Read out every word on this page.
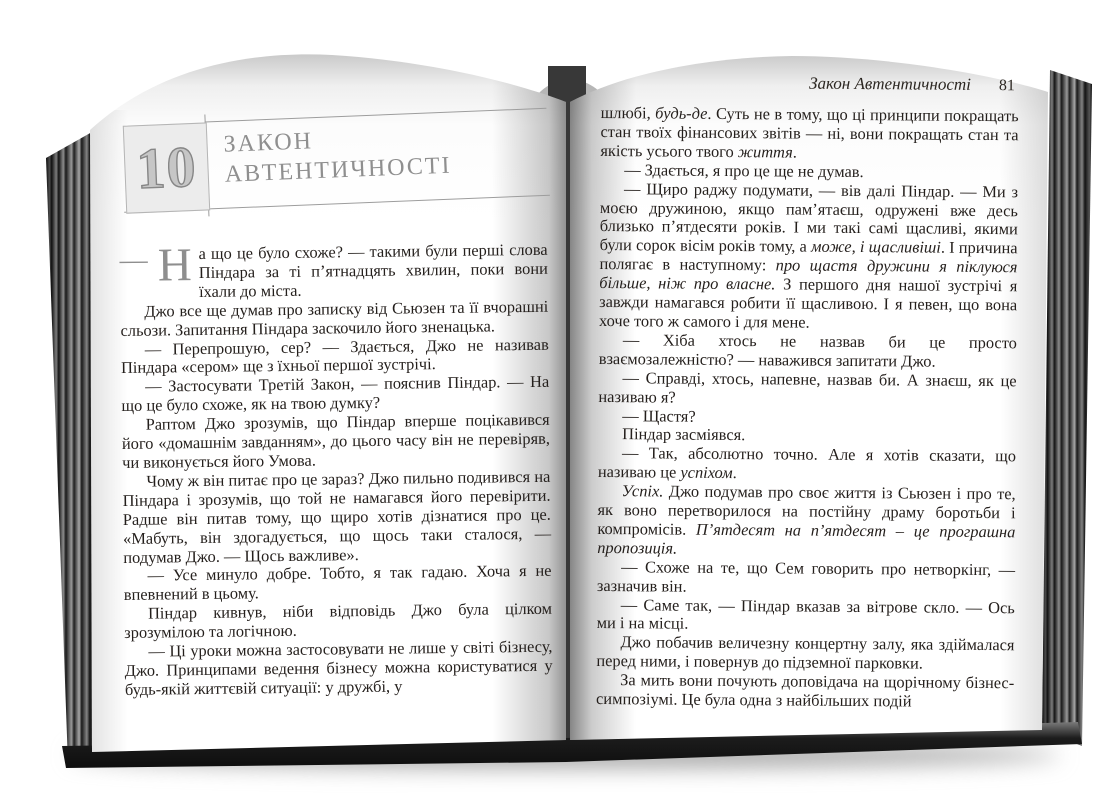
10 ЗАКОН
АВТЕНТИЧНОСТІ

— Н а що це було схоже? — такими були перші слова Піндара за ті п’ятнадцять хвилин, поки вони їхали до міста.

Джо все ще думав про записку від Сьюзен та її вчорашні сльози. Запитання Піндара заскочило його зненацька.

— Перепрошую, сер? — Здається, Джо не називав Піндара «сером» ще з їхньої першої зустрічі.

— Застосувати Третій Закон, — пояснив Піндар. — На що це було схоже, як на твою думку?

Раптом Джо зрозумів, що Піндар вперше поцікавився його «домашнім завданням», до цього часу він не перевіряв, чи виконується його Умова.

Чому ж він питає про це зараз? Джо пильно подивився на Піндара і зрозумів, що той не намагався його перевірити. Радше він питав тому, що щиро хотів дізнатися про це. «Мабуть, він здогадується, що щось таки сталося, — подумав Джо. — Щось важливе».

— Усе минуло добре. Тобто, я так гадаю. Хоча я не впевнений в цьому.

Піндар кивнув, ніби відповідь Джо була цілком зрозумілою та логічною.

— Ці уроки можна застосовувати не лише у світі бізнесу, Джо. Принципами ведення бізнесу можна користуватися у будь-якій життєвій ситуації: у дружбі, у

Закон Автентичності 81

шлюбі, будь-де. Суть не в тому, що ці принципи покращать стан твоїх фінансових звітів — ні, вони покращать стан та якість усього твого життя.

— Здається, я про це ще не думав.

— Щиро раджу подумати, — вів далі Піндар. — Ми з моєю дружиною, якщо пам’ятаєш, одружені вже десь близько п’ятдесяти років. І ми такі самі щасливі, якими були сорок вісім років тому, а може, і щасливіші. І причина полягає в наступному: про щастя дружини я піклуюся більше, ніж про власне. З першого дня нашої зустрічі я завжди намагався робити її щасливою. І я певен, що вона хоче того ж самого і для мене.

— Хіба хтось не назвав би це просто взаємозалежністю? — наважився запитати Джо.

— Справді, хтось, напевне, назвав би. А знаєш, як це називаю я?

— Щастя?

Піндар засміявся.

— Так, абсолютно точно. Але я хотів сказати, що називаю це успіхом.

Успіх. Джо подумав про своє життя із Сьюзен і про те, як воно перетворилося на постійну драму боротьби і компромісів. П’ятдесят на п’ятдесят – це програшна пропозиція.

— Схоже на те, що Сем говорить про нетворкінг, — зазначив він.

— Саме так, — Піндар вказав за вітрове скло. — Ось ми і на місці.

Джо побачив величезну концертну залу, яка здіймалася перед ними, і повернув до підземної парковки.

За мить вони почують доповідача на щорічному бізнес-симпозіумі. Це була одна з найбільших подій
